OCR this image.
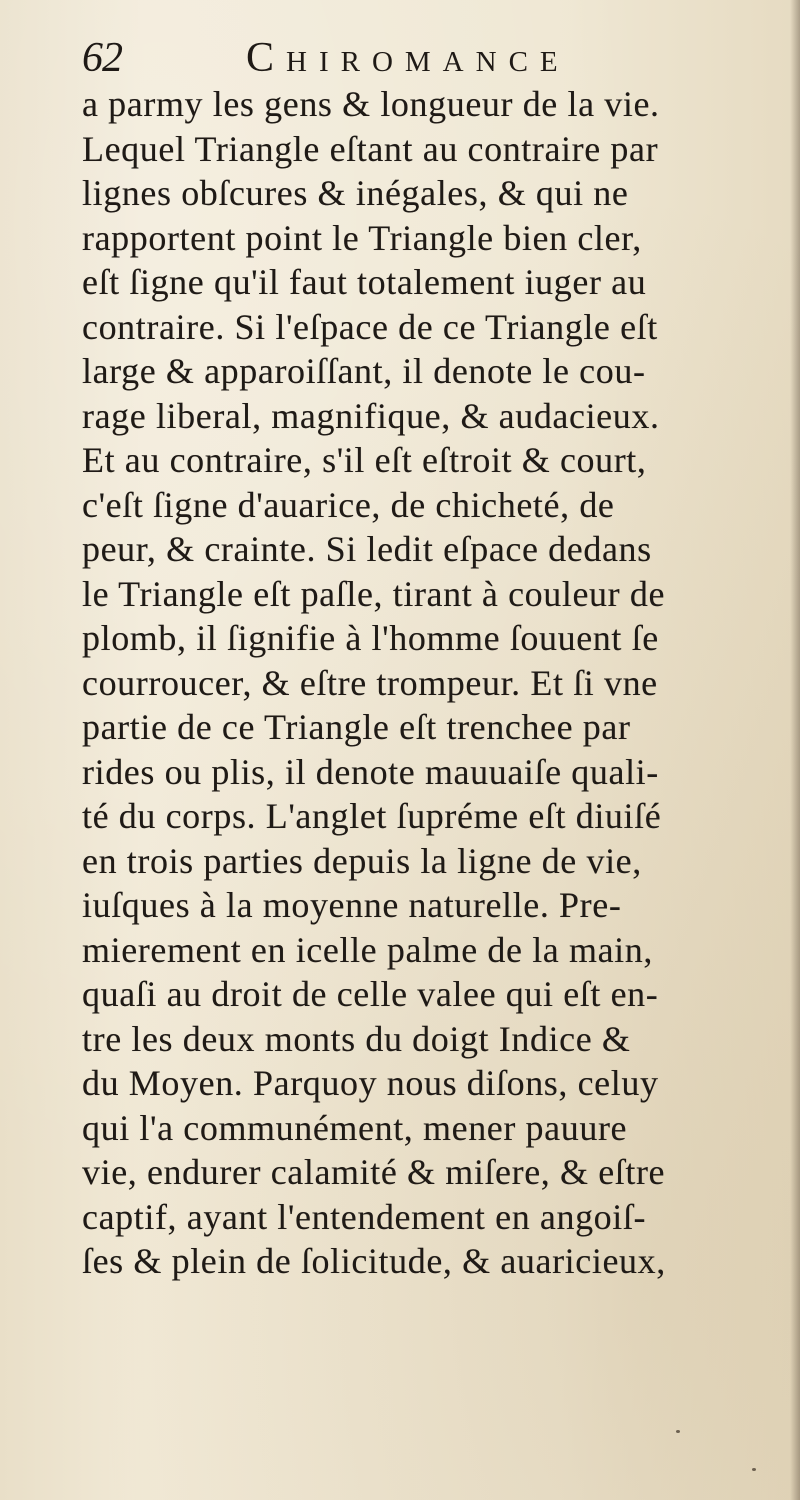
62	Chiromance
a parmy les gens & longueur de la vie.
Lequel Triangle eſtant au contraire par
lignes obſcures & inégales, & qui ne
rapportent point le Triangle bien cler,
eſt ſigne qu'il faut totalement iuger au
contraire. Si l'eſpace de ce Triangle eſt
large & apparoiſſant, il denote le cou-
rage liberal, magnifique, & audacieux.
Et au contraire, s'il eſt eſtroit & court,
c'eſt ſigne d'auarice, de chicheté, de
peur, & crainte. Si ledit eſpace dedans
le Triangle eſt paſle, tirant à couleur de
plomb, il ſignifie à l'homme ſouuent ſe
courroucer, & eſtre trompeur. Et ſi vne
partie de ce Triangle eſt trenchee par
rides ou plis, il denote mauuaiſe quali-
té du corps. L'anglet ſupréme eſt diuiſé
en trois parties depuis la ligne de vie,
iuſques à la moyenne naturelle. Pre-
mierement en icelle palme de la main,
quaſi au droit de celle valee qui eſt en-
tre les deux monts du doigt Indice &
du Moyen. Parquoy nous diſons, celuy
qui l'a communément, mener pauure
vie, endurer calamité & miſere, & eſtre
captif, ayant l'entendement en angoiſ-
ſes & plein de ſolicitude, & auaricieux,
